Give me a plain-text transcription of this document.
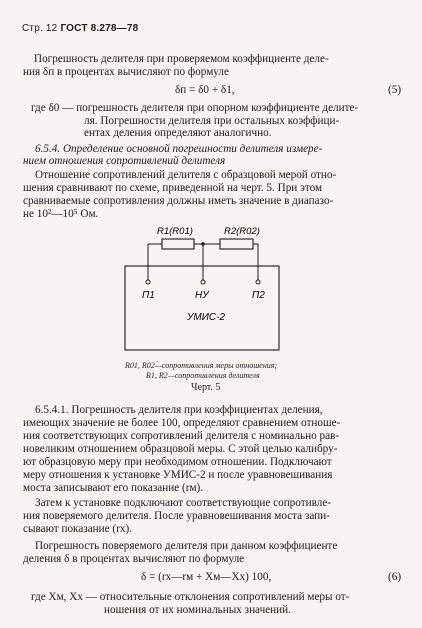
Стр. 12 ГОСТ 8.278—78
Погрешность делителя при проверяемом коэффициенте деле-
ния δп в процентах вычисляют по формуле
δп = δ0 + δ1,	(5)
где δ0 — погрешность делителя при опорном коэффициенте делите-
ля. Погрешности делителя при остальных коэффици-
ентах деления определяют аналогично.
6.5.4. Определение основной погрешности делителя измере-
нием отношения сопротивлений делителя
Отношение сопротивлений делителя с образцовой мерой отно-
шения сравнивают по схеме, приведенной на черт. 5. При этом
сравниваемые сопротивления должны иметь значение в диапазо-
не 10²—10⁵ Ом.
R1(R01)	R2(R02)
П1	НУ	П2
УМИС-2
R01, R02—сопротивления меры отношения;
R1, R2—сопротивления делителя
Черт. 5
6.5.4.1. Погрешность делителя при коэффициентах деления,
имеющих значение не более 100, определяют сравнением отноше-
ния соответствующих сопротивлений делителя с номинально рав-
новеликим отношением образцовой меры. С этой целью калибру-
ют образцовую меру при необходимом отношении. Подключают
меру отношения к установке УМИС-2 и после уравновешивания
моста записывают его показание (rм).
Затем к установке подключают соответствующие сопротивле-
ния поверяемого делителя. После уравновешивания моста запи-
сывают показание (rх).
Погрешность поверяемого делителя при данном коэффициенте
деления δ в процентах вычисляют по формуле
δ = (rх—rм + Xм—Xх) 100,	(6)
где Xм, Xх — относительные отклонения сопротивлений меры от-
ношения от их номинальных значений.
